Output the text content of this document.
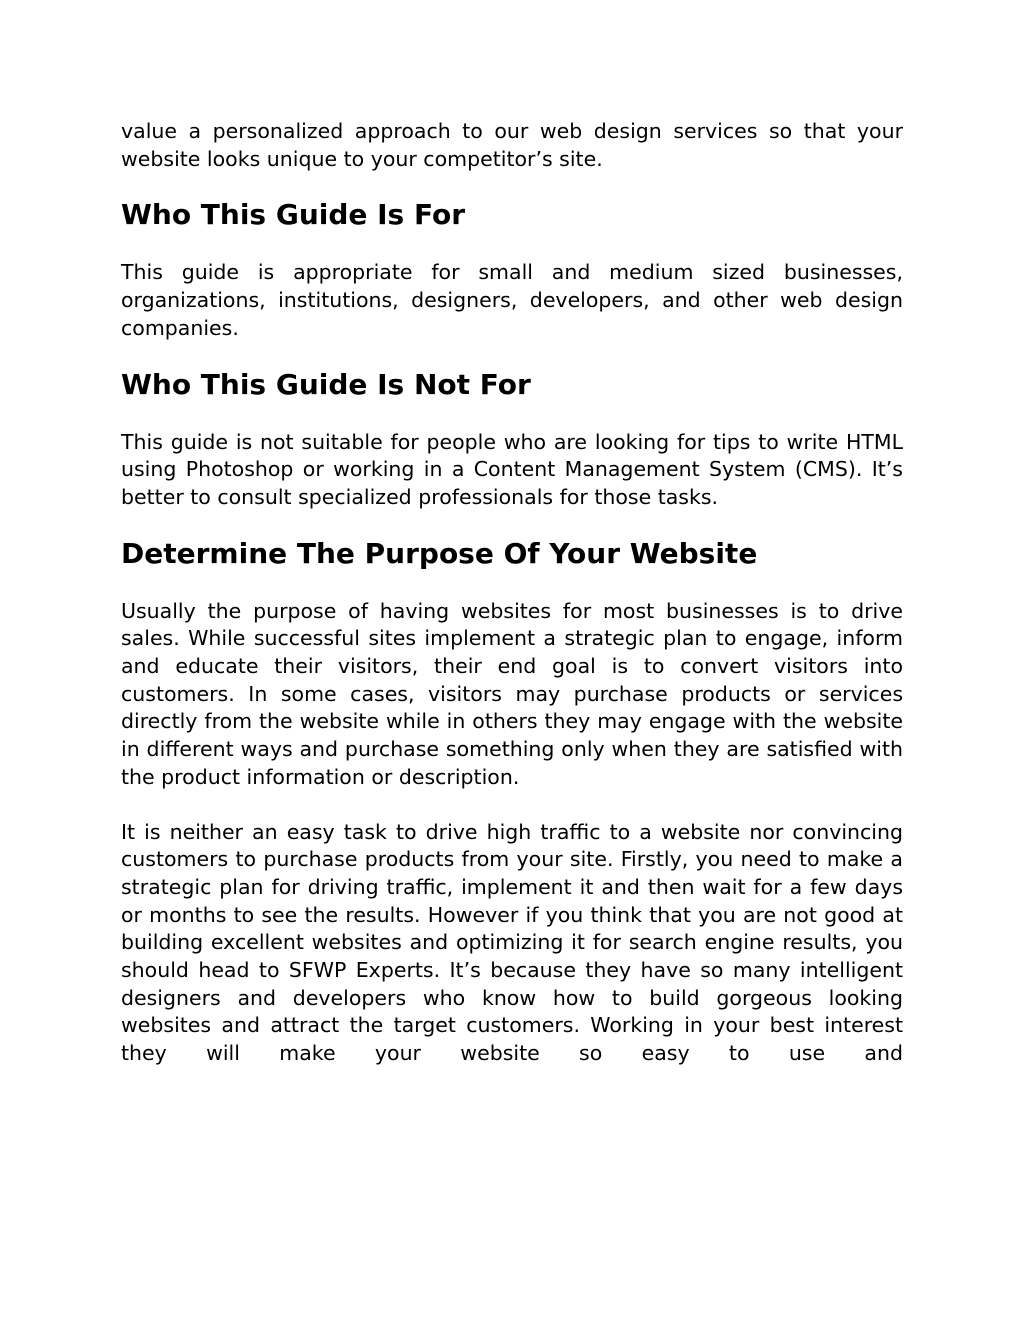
value a personalized approach to our web design services so that your website looks unique to your competitor’s site.

Who This Guide Is For

This guide is appropriate for small and medium sized businesses, organizations, institutions, designers, developers, and other web design companies.

Who This Guide Is Not For

This guide is not suitable for people who are looking for tips to write HTML using Photoshop or working in a Content Management System (CMS). It’s better to consult specialized professionals for those tasks.

Determine The Purpose Of Your Website

Usually the purpose of having websites for most businesses is to drive sales. While successful sites implement a strategic plan to engage, inform and educate their visitors, their end goal is to convert visitors into customers. In some cases, visitors may purchase products or services directly from the website while in others they may engage with the website in different ways and purchase something only when they are satisfied with the product information or description.

It is neither an easy task to drive high traffic to a website nor convincing customers to purchase products from your site. Firstly, you need to make a strategic plan for driving traffic, implement it and then wait for a few days or months to see the results. However if you think that you are not good at building excellent websites and optimizing it for search engine results, you should head to SFWP Experts. It’s because they have so many intelligent designers and developers who know how to build gorgeous looking websites and attract the target customers. Working in your best interest they will make your website so easy to use and
